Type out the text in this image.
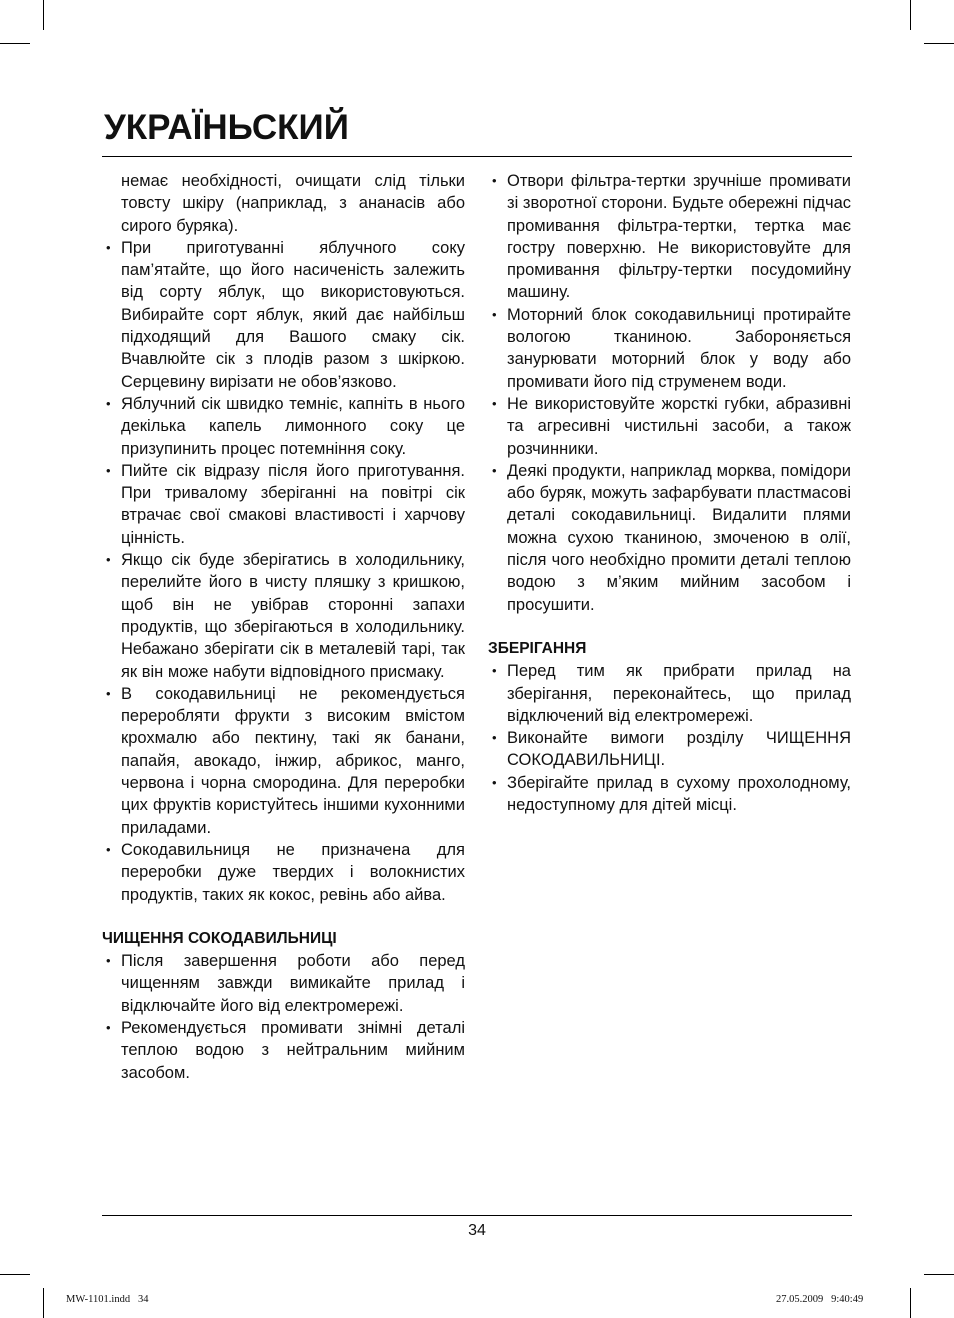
УКРАЇНЬСКИЙ
немає необхідності, очищати слід тільки товсту шкіру (наприклад, з ананасів або сирого буряка).
• При приготуванні яблучного соку пам’ятайте, що його насиченість залежить від сорту яблук, що використовуються. Вибирайте сорт яблук, який дає найбільш підходящий для Вашого смаку сік. Вчавлюйте сік з плодів разом з шкіркою. Серцевину вирізати не обов’язково.
• Яблучний сік швидко темніє, капніть в нього декілька капель лимонного соку це призупинить процес потемніння соку.
• Пийте сік відразу після його приготування. При тривалому зберіганні на повітрі сік втрачає свої смакові властивості і харчову цінність.
• Якщо сік буде зберігатись в холодильнику, перелийте його в чисту пляшку з кришкою, щоб він не увібрав сторонні запахи продуктів, що зберігаються в холодильнику. Небажано зберігати сік в металевій тарі, так як він може набути відповідного присмаку.
• В сокодавильниці не рекомендується переробляти фрукти з високим вмістом крохмалю або пектину, такі як банани, папайя, авокадо, інжир, абрикос, манго, червона і чорна смородина. Для переробки цих фруктів користуйтесь іншими кухонними приладами.
• Сокодавильниця не призначена для переробки дуже твердих і волокнистих продуктів, таких як кокос, ревінь або айва.
ЧИЩЕННЯ СОКОДАВИЛЬНИЦІ
• Після завершення роботи або перед чищенням завжди вимикайте прилад і відключайте його від електромережі.
• Рекомендується промивати знімні деталі теплою водою з нейтральним мийним засобом.
• Отвори фільтра-тертки зручніше промивати зі зворотної сторони. Будьте обережні підчас промивання фільтра-тертки, тертка має гостру поверхню. Не використовуйте для промивання фільтру-тертки посудомийну машину.
• Моторний блок сокодавильниці протирайте вологою тканиною. Забороняється занурювати моторний блок у воду або промивати його під струменем води.
• Не використовуйте жорсткі губки, абразивні та агресивні чистильні засоби, а також розчинники.
• Деякі продукти, наприклад морква, помідори або буряк, можуть зафарбувати пластмасові деталі сокодавильниці. Видалити плями можна сухою тканиною, змоченою в олії, після чого необхідно промити деталі теплою водою з м’яким мийним засобом і просушити.
ЗБЕРІГАННЯ
• Перед тим як прибрати прилад на зберігання, переконайтесь, що прилад відключений від електромережі.
• Виконайте вимоги розділу ЧИЩЕННЯ СОКОДАВИЛЬНИЦІ.
• Зберігайте прилад в сухому прохолодному, недоступному для дітей місці.
34
MW-1101.indd   34	27.05.2009   9:40:49
